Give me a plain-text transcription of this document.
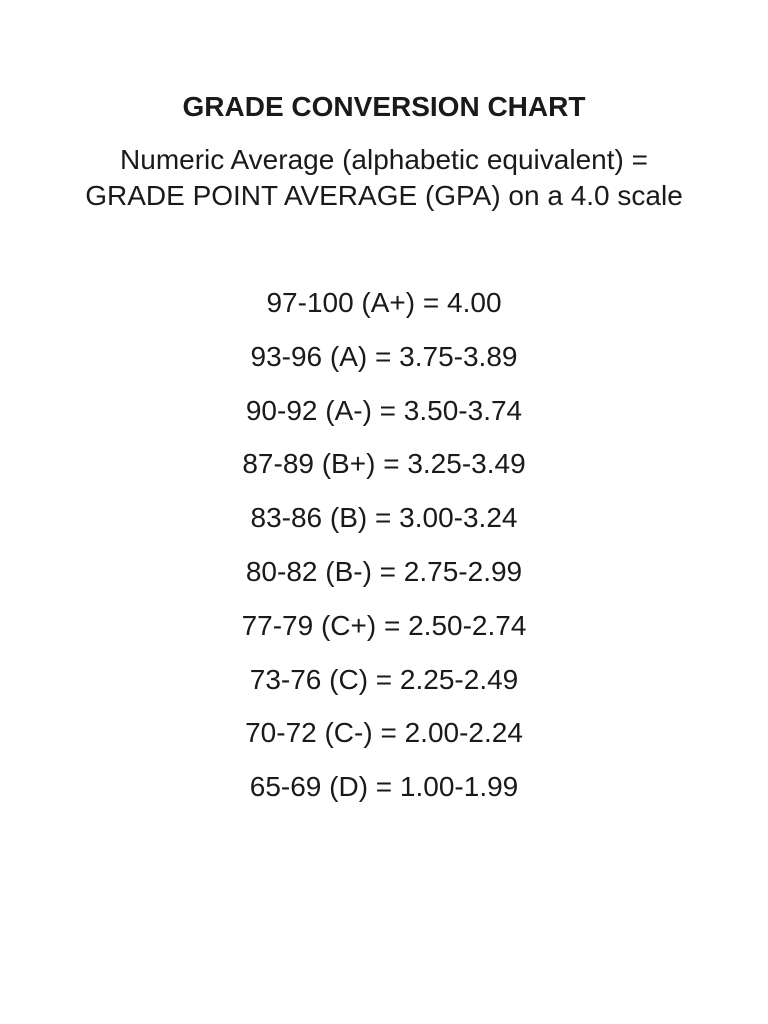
GRADE CONVERSION CHART
Numeric Average (alphabetic equivalent) =
GRADE POINT AVERAGE (GPA) on a 4.0 scale
97-100 (A+) = 4.00
93-96 (A) = 3.75-3.89
90-92 (A-) = 3.50-3.74
87-89 (B+) = 3.25-3.49
83-86 (B) = 3.00-3.24
80-82 (B-) = 2.75-2.99
77-79 (C+) = 2.50-2.74
73-76 (C) = 2.25-2.49
70-72 (C-) = 2.00-2.24
65-69 (D) = 1.00-1.99
